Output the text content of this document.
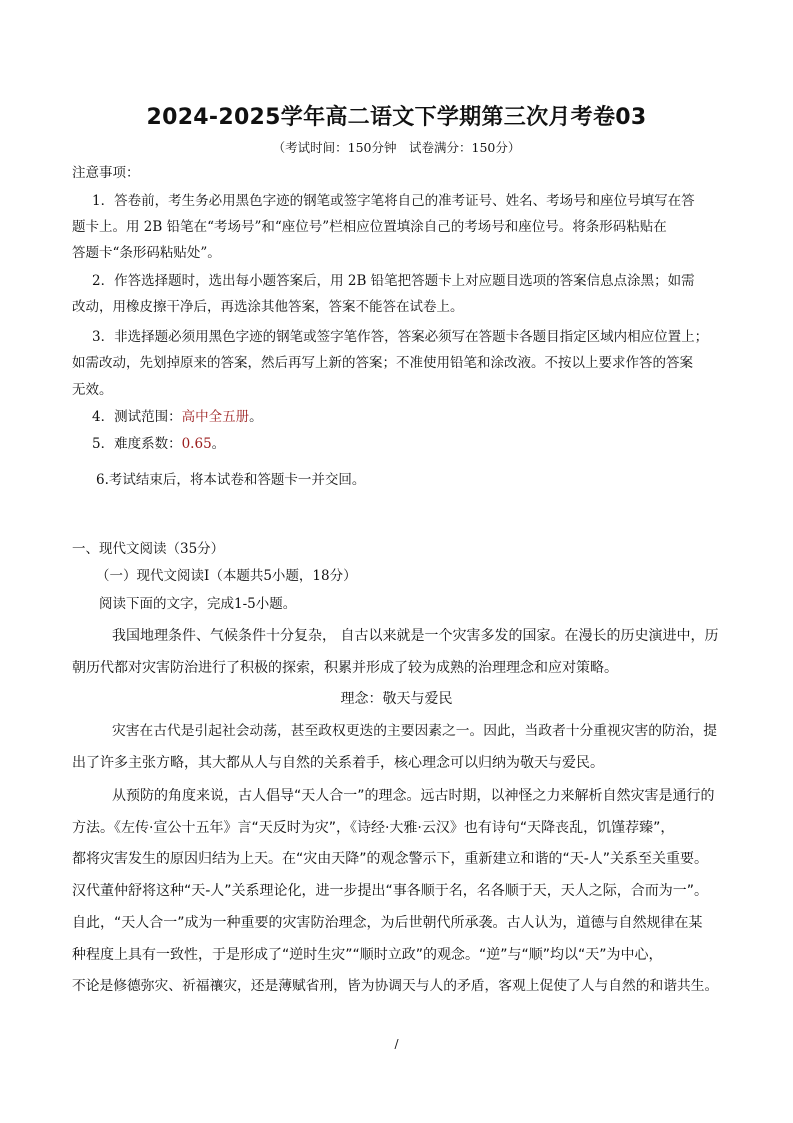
2024-2025学年高二语文下学期第三次月考卷03
（考试时间：150分钟　试卷满分：150分）
注意事项：
1．答卷前，考生务必用黑色字迹的钢笔或签字笔将自己的准考证号、姓名、考场号和座位号填写在答
题卡上。用 2B 铅笔在“考场号”和“座位号”栏相应位置填涂自己的考场号和座位号。将条形码粘贴在
答题卡“条形码粘贴处”。
2．作答选择题时，选出每小题答案后，用 2B 铅笔把答题卡上对应题目选项的答案信息点涂黑；如需
改动，用橡皮擦干净后，再选涂其他答案，答案不能答在试卷上。
3．非选择题必须用黑色字迹的钢笔或签字笔作答，答案必须写在答题卡各题目指定区域内相应位置上；
如需改动，先划掉原来的答案，然后再写上新的答案；不准使用铅笔和涂改液。不按以上要求作答的答案
无效。
4．测试范围：高中全五册。
5．难度系数：0.65。
6.考试结束后，将本试卷和答题卡一并交回。
一、现代文阅读（35分）
（一）现代文阅读Ⅰ（本题共5小题，18分）
阅读下面的文字，完成1-5小题。
我国地理条件、气候条件十分复杂， 自古以来就是一个灾害多发的国家。在漫长的历史演进中，历
朝历代都对灾害防治进行了积极的探索，积累并形成了较为成熟的治理理念和应对策略。
理念：敬天与爱民
灾害在古代是引起社会动荡，甚至政权更迭的主要因素之一。因此，当政者十分重视灾害的防治，提
出了许多主张方略，其大都从人与自然的关系着手，核心理念可以归纳为敬天与爱民。
从预防的角度来说，古人倡导“天人合一”的理念。远古时期，以神怪之力来解析自然灾害是通行的
方法。《左传·宣公十五年》言“天反时为灾”，《诗经·大雅·云汉》也有诗句“天降丧乱，饥馑荐臻”，
都将灾害发生的原因归结为上天。在“灾由天降”的观念警示下，重新建立和谐的“天-人”关系至关重要。
汉代董仲舒将这种“天-人”关系理论化，进一步提出“事各顺于名，名各顺于天，天人之际，合而为一”。
自此，“天人合一”成为一种重要的灾害防治理念，为后世朝代所承袭。古人认为，道德与自然规律在某
种程度上具有一致性，于是形成了“逆时生灾”“顺时立政”的观念。“逆”与“顺”均以“天”为中心，
不论是修德弥灾、祈福禳灾，还是薄赋省刑，皆为协调天与人的矛盾，客观上促使了人与自然的和谐共生。
/
